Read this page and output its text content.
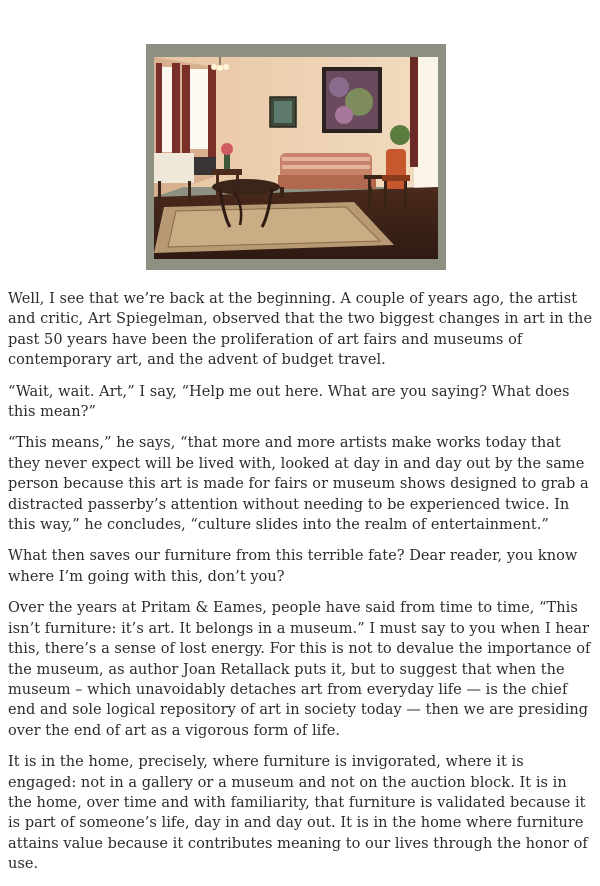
Well, I see that we’re back at the beginning. A couple of years ago, the artist and critic, Art Spiegelman, observed that the two biggest changes in art in the past 50 years have been the proliferation of art fairs and museums of contemporary art, and the advent of budget travel.

“Wait, wait. Art,” I say, “Help me out here. What are you saying? What does this mean?”

“This means,” he says, “that more and more artists make works today that they never expect will be lived with, looked at day in and day out by the same person because this art is made for fairs or museum shows designed to grab a distracted passerby’s attention without needing to be experienced twice. In this way,” he concludes, “culture slides into the realm of entertainment.”

What then saves our furniture from this terrible fate? Dear reader, you know where I’m going with this, don’t you?

Over the years at Pritam & Eames, people have said from time to time, “This isn’t furniture: it’s art. It belongs in a museum.” I must say to you when I hear this, there’s a sense of lost energy. For this is not to devalue the importance of the museum, as author Joan Retallack puts it, but to suggest that when the museum – which unavoidably detaches art from everyday life — is the chief end and sole logical repository of art in society today — then we are presiding over the end of art as a vigorous form of life.

It is in the home, precisely, where furniture is invigorated, where it is engaged: not in a gallery or a museum and not on the auction block. It is in the home, over time and with familiarity, that furniture is validated because it is part of someone’s life, day in and day out. It is in the home where furniture attains value because it contributes meaning to our lives through the honor of use.
